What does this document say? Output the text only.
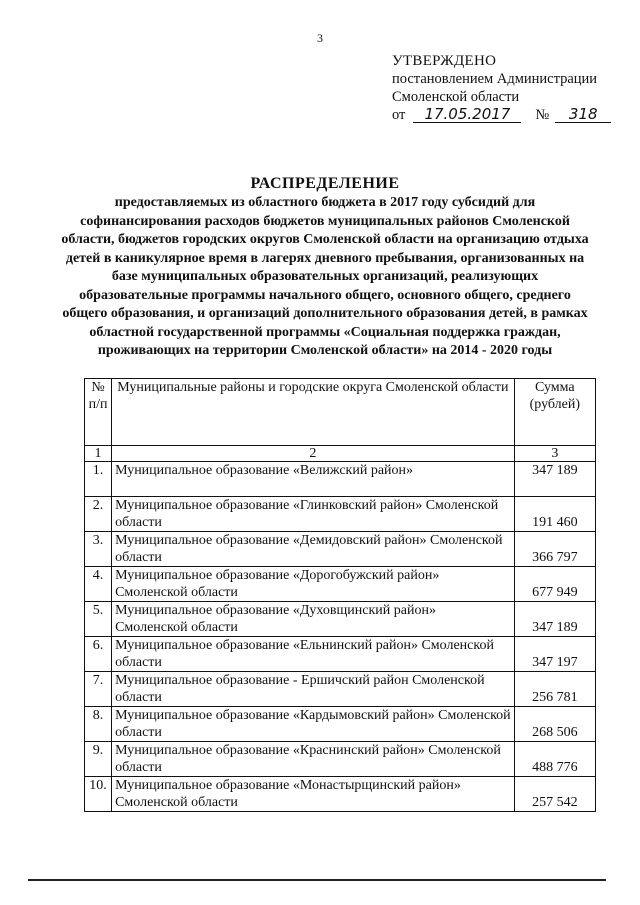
3
УТВЕРЖДЕНО
постановлением Администрации
Смоленской области
от 17.05.2017 № 318
РАСПРЕДЕЛЕНИЕ
предоставляемых из областного бюджета в 2017 году субсидий для софинансирования расходов бюджетов муниципальных районов Смоленской области, бюджетов городских округов Смоленской области на организацию отдыха детей в каникулярное время в лагерях дневного пребывания, организованных на базе муниципальных образовательных организаций, реализующих образовательные программы начального общего, основного общего, среднего общего образования, и организаций дополнительного образования детей, в рамках областной государственной программы «Социальная поддержка граждан, проживающих на территории Смоленской области» на 2014 - 2020 годы
№ п/п	Муниципальные районы и городские округа Смоленской области	Сумма (рублей)
1	2	3
1.	Муниципальное образование «Велижский район»	347 189
2.	Муниципальное образование «Глинковский район» Смоленской области	191 460
3.	Муниципальное образование «Демидовский район» Смоленской области	366 797
4.	Муниципальное образование «Дорогобужский район» Смоленской области	677 949
5.	Муниципальное образование «Духовщинский район» Смоленской области	347 189
6.	Муниципальное образование «Ельнинский район» Смоленской области	347 197
7.	Муниципальное образование - Ершичский район Смоленской области	256 781
8.	Муниципальное образование «Кардымовский район» Смоленской области	268 506
9.	Муниципальное образование «Краснинский район» Смоленской области	488 776
10.	Муниципальное образование «Монастырщинский район» Смоленской области	257 542
